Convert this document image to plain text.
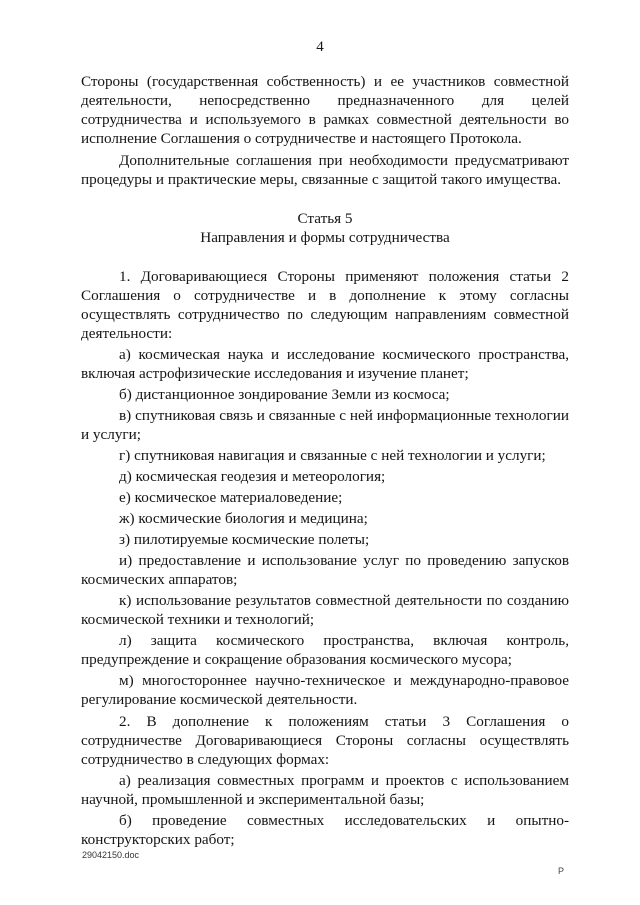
4

Стороны (государственная собственность) и ее участников совместной деятельности, непосредственно предназначенного для целей сотрудничества и используемого в рамках совместной деятельности во исполнение Соглашения о сотрудничестве и настоящего Протокола.

Дополнительные соглашения при необходимости предусматривают процедуры и практические меры, связанные с защитой такого имущества.

Статья 5

Направления и формы сотрудничества

1. Договаривающиеся Стороны применяют положения статьи 2 Соглашения о сотрудничестве и в дополнение к этому согласны осуществлять сотрудничество по следующим направлениям совместной деятельности:

а) космическая наука и исследование космического пространства, включая астрофизические исследования и изучение планет;

б) дистанционное зондирование Земли из космоса;

в) спутниковая связь и связанные с ней информационные технологии и услуги;

г) спутниковая навигация и связанные с ней технологии и услуги;

д) космическая геодезия и метеорология;

е) космическое материаловедение;

ж) космические биология и медицина;

з) пилотируемые космические полеты;

и) предоставление и использование услуг по проведению запусков космических аппаратов;

к) использование результатов совместной деятельности по созданию космической техники и технологий;

л) защита космического пространства, включая контроль, предупреждение и сокращение образования космического мусора;

м) многостороннее научно-техническое и международно-правовое регулирование космической деятельности.

2. В дополнение к положениям статьи 3 Соглашения о сотрудничестве Договаривающиеся Стороны согласны осуществлять сотрудничество в следующих формах:

а) реализация совместных программ и проектов с использованием научной, промышленной и экспериментальной базы;

б) проведение совместных исследовательских и опытно-конструкторских работ;

29042150.doc
Р
